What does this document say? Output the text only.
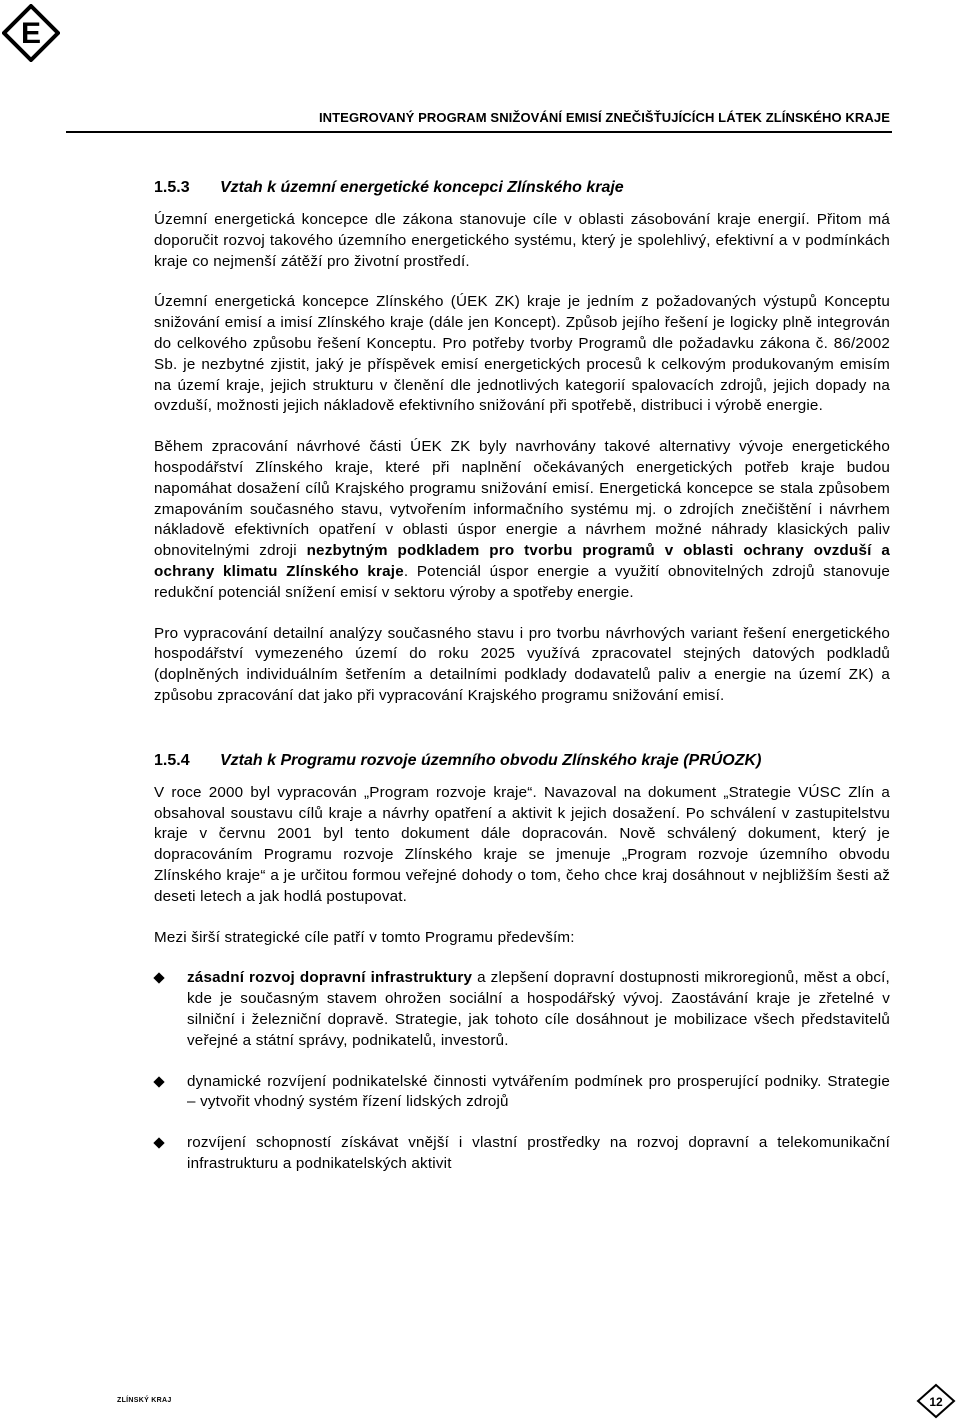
E
INTEGROVANÝ PROGRAM SNIŽOVÁNÍ EMISÍ ZNEČIŠŤUJÍCÍCH LÁTEK ZLÍNSKÉHO KRAJE
1.5.3 Vztah k územní energetické koncepci Zlínského kraje

Územní energetická koncepce dle zákona stanovuje cíle v oblasti zásobování kraje energií. Přitom má doporučit rozvoj takového územního energetického systému, který je spolehlivý, efektivní a v podmínkách kraje co nejmenší zátěží pro životní prostředí.

Územní energetická koncepce Zlínského (ÚEK ZK) kraje je jedním z požadovaných výstupů Konceptu snižování emisí a imisí Zlínského kraje (dále jen Koncept). Způsob jejího řešení je logicky plně integrován do celkového způsobu řešení Konceptu. Pro potřeby tvorby Programů dle požadavku zákona č. 86/2002 Sb. je nezbytné zjistit, jaký je příspěvek emisí energetických procesů k celkovým produkovaným emisím na území kraje, jejich strukturu v členění dle jednotlivých kategorií spalovacích zdrojů, jejich dopady na ovzduší, možnosti jejich nákladově efektivního snižování při spotřebě, distribuci i výrobě energie.

Během zpracování návrhové části ÚEK ZK byly navrhovány takové alternativy vývoje energetického hospodářství Zlínského kraje, které při naplnění očekávaných energetických potřeb kraje budou napomáhat dosažení cílů Krajského programu snižování emisí. Energetická koncepce se stala způsobem zmapováním současného stavu, vytvořením informačního systému mj. o zdrojích znečištění i návrhem nákladově efektivních opatření v oblasti úspor energie a návrhem možné náhrady klasických paliv obnovitelnými zdroji nezbytným podkladem pro tvorbu programů v oblasti ochrany ovzduší a ochrany klimatu Zlínského kraje. Potenciál úspor energie a využití obnovitelných zdrojů stanovuje redukční potenciál snížení emisí v sektoru výroby a spotřeby energie.

Pro vypracování detailní analýzy současného stavu i pro tvorbu návrhových variant řešení energetického hospodářství vymezeného území do roku 2025 využívá zpracovatel stejných datových podkladů (doplněných individuálním šetřením a detailními podklady dodavatelů paliv a energie na území ZK) a způsobu zpracování dat jako při vypracování Krajského programu snižování emisí.

1.5.4 Vztah k Programu rozvoje územního obvodu Zlínského kraje (PRÚOZK)

V roce 2000 byl vypracován „Program rozvoje kraje“. Navazoval na dokument „Strategie VÚSC Zlín a obsahoval soustavu cílů kraje a návrhy opatření a aktivit k jejich dosažení. Po schválení v zastupitelstvu kraje v červnu 2001 byl tento dokument dále dopracován. Nově schválený dokument, který je dopracováním Programu rozvoje Zlínského kraje se jmenuje „Program rozvoje územního obvodu Zlínského kraje“ a je určitou formou veřejné dohody o tom, čeho chce kraj dosáhnout v nejbližším šesti až deseti letech a jak hodlá postupovat.

Mezi širší strategické cíle patří v tomto Programu především:

zásadní rozvoj dopravní infrastruktury a zlepšení dopravní dostupnosti mikroregionů, měst a obcí, kde je současným stavem ohrožen sociální a hospodářský vývoj. Zaostávání kraje je zřetelné v silniční i železniční dopravě. Strategie, jak tohoto cíle dosáhnout je mobilizace všech představitelů veřejné a státní správy, podnikatelů, investorů.
dynamické rozvíjení podnikatelské činnosti vytvářením podmínek pro prosperující podniky. Strategie – vytvořit vhodný systém řízení lidských zdrojů
rozvíjení schopností získávat vnější i vlastní prostředky na rozvoj dopravní a telekomunikační infrastrukturu a podnikatelských aktivit
ZLÍNSKÝ KRAJ	12
